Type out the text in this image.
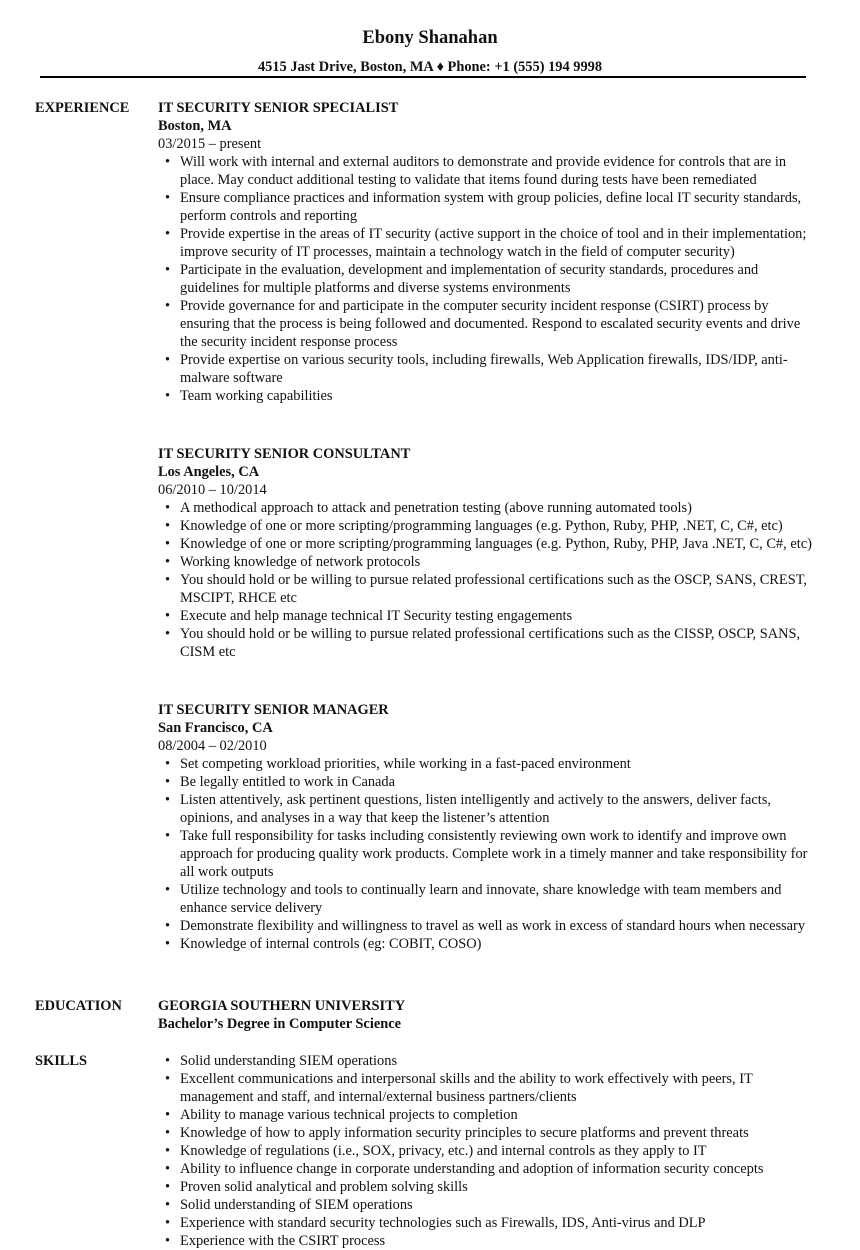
Ebony Shanahan
4515 Jast Drive, Boston, MA ♦ Phone: +1 (555) 194 9998
EXPERIENCE IT SECURITY SENIOR SPECIALIST
Boston, MA
03/2015 – present
• Will work with internal and external auditors to demonstrate and provide evidence for controls that are in place. May conduct additional testing to validate that items found during tests have been remediated
• Ensure compliance practices and information system with group policies, define local IT security standards, perform controls and reporting
• Provide expertise in the areas of IT security (active support in the choice of tool and in their implementation; improve security of IT processes, maintain a technology watch in the field of computer security)
• Participate in the evaluation, development and implementation of security standards, procedures and guidelines for multiple platforms and diverse systems environments
• Provide governance for and participate in the computer security incident response (CSIRT) process by ensuring that the process is being followed and documented. Respond to escalated security events and drive the security incident response process
• Provide expertise on various security tools, including firewalls, Web Application firewalls, IDS/IDP, anti-malware software
• Team working capabilities
IT SECURITY SENIOR CONSULTANT
Los Angeles, CA
06/2010 – 10/2014
• A methodical approach to attack and penetration testing (above running automated tools)
• Knowledge of one or more scripting/programming languages (e.g. Python, Ruby, PHP, .NET, C, C#, etc)
• Knowledge of one or more scripting/programming languages (e.g. Python, Ruby, PHP, Java .NET, C, C#, etc)
• Working knowledge of network protocols
• You should hold or be willing to pursue related professional certifications such as the OSCP, SANS, CREST, MSCIPT, RHCE etc
• Execute and help manage technical IT Security testing engagements
• You should hold or be willing to pursue related professional certifications such as the CISSP, OSCP, SANS, CISM etc
IT SECURITY SENIOR MANAGER
San Francisco, CA
08/2004 – 02/2010
• Set competing workload priorities, while working in a fast-paced environment
• Be legally entitled to work in Canada
• Listen attentively, ask pertinent questions, listen intelligently and actively to the answers, deliver facts, opinions, and analyses in a way that keep the listener’s attention
• Take full responsibility for tasks including consistently reviewing own work to identify and improve own approach for producing quality work products. Complete work in a timely manner and take responsibility for all work outputs
• Utilize technology and tools to continually learn and innovate, share knowledge with team members and enhance service delivery
• Demonstrate flexibility and willingness to travel as well as work in excess of standard hours when necessary
• Knowledge of internal controls (eg: COBIT, COSO)
EDUCATION	GEORGIA SOUTHERN UNIVERSITY
Bachelor’s Degree in Computer Science
SKILLS
•	Solid understanding SIEM operations
• Excellent communications and interpersonal skills and the ability to work effectively with peers, IT management and staff, and internal/external business partners/clients
• Ability to manage various technical projects to completion
• Knowledge of how to apply information security principles to secure platforms and prevent threats
• Knowledge of regulations (i.e., SOX, privacy, etc.) and internal controls as they apply to IT
• Ability to influence change in corporate understanding and adoption of information security concepts
• Proven solid analytical and problem solving skills
• Solid understanding of SIEM operations
• Experience with standard security technologies such as Firewalls, IDS, Anti-virus and DLP
• Experience with the CSIRT process
